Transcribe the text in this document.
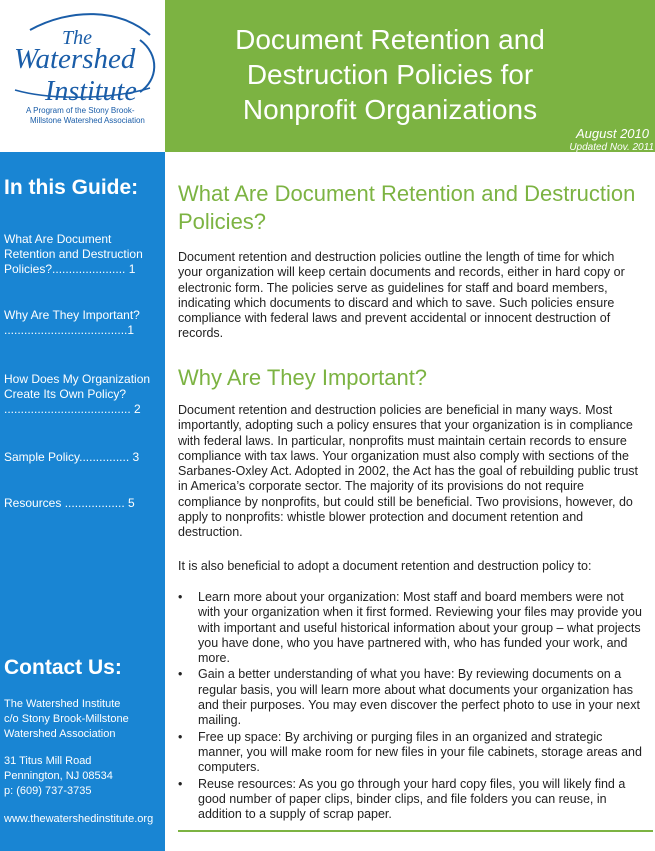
The
Watershed
Institute
A Program of the Stony Brook-
Millstone Watershed Association
Document Retention and
Destruction Policies for
Nonprofit Organizations
August 2010
Updated Nov. 2011
In this Guide:
What Are Document Retention and Destruction Policies?...................... 1
Why Are They Important? .....................................1
How Does My Organization Create Its Own Policy? ...................................... 2
Sample Policy............... 3
Resources .................. 5
Contact Us:
The Watershed Institute
c/o Stony Brook-Millstone
Watershed Association
31 Titus Mill Road
Pennington, NJ 08534
p: (609) 737-3735
www.thewatershedinstitute.org
What Are Document Retention and Destruction Policies?
Document retention and destruction policies outline the length of time for which your organization will keep certain documents and records, either in hard copy or electronic form. The policies serve as guidelines for staff and board members, indicating which documents to discard and which to save. Such policies ensure compliance with federal laws and prevent accidental or innocent destruction of records.
Why Are They Important?
Document retention and destruction policies are beneficial in many ways. Most importantly, adopting such a policy ensures that your organization is in compliance with federal laws. In particular, nonprofits must maintain certain records to ensure compliance with tax laws. Your organization must also comply with sections of the Sarbanes-Oxley Act. Adopted in 2002, the Act has the goal of rebuilding public trust in America’s corporate sector. The majority of its provisions do not require compliance by nonprofits, but could still be beneficial. Two provisions, however, do apply to nonprofits: whistle blower protection and document retention and destruction.
It is also beneficial to adopt a document retention and destruction policy to:
• Learn more about your organization: Most staff and board members were not with your organization when it first formed. Reviewing your files may provide you with important and useful historical information about your group – what projects you have done, who you have partnered with, who has funded your work, and more.
• Gain a better understanding of what you have: By reviewing documents on a regular basis, you will learn more about what documents your organization has and their purposes. You may even discover the perfect photo to use in your next mailing.
• Free up space: By archiving or purging files in an organized and strategic manner, you will make room for new files in your file cabinets, storage areas and computers.
• Reuse resources: As you go through your hard copy files, you will likely find a good number of paper clips, binder clips, and file folders you can reuse, in addition to a supply of scrap paper.
